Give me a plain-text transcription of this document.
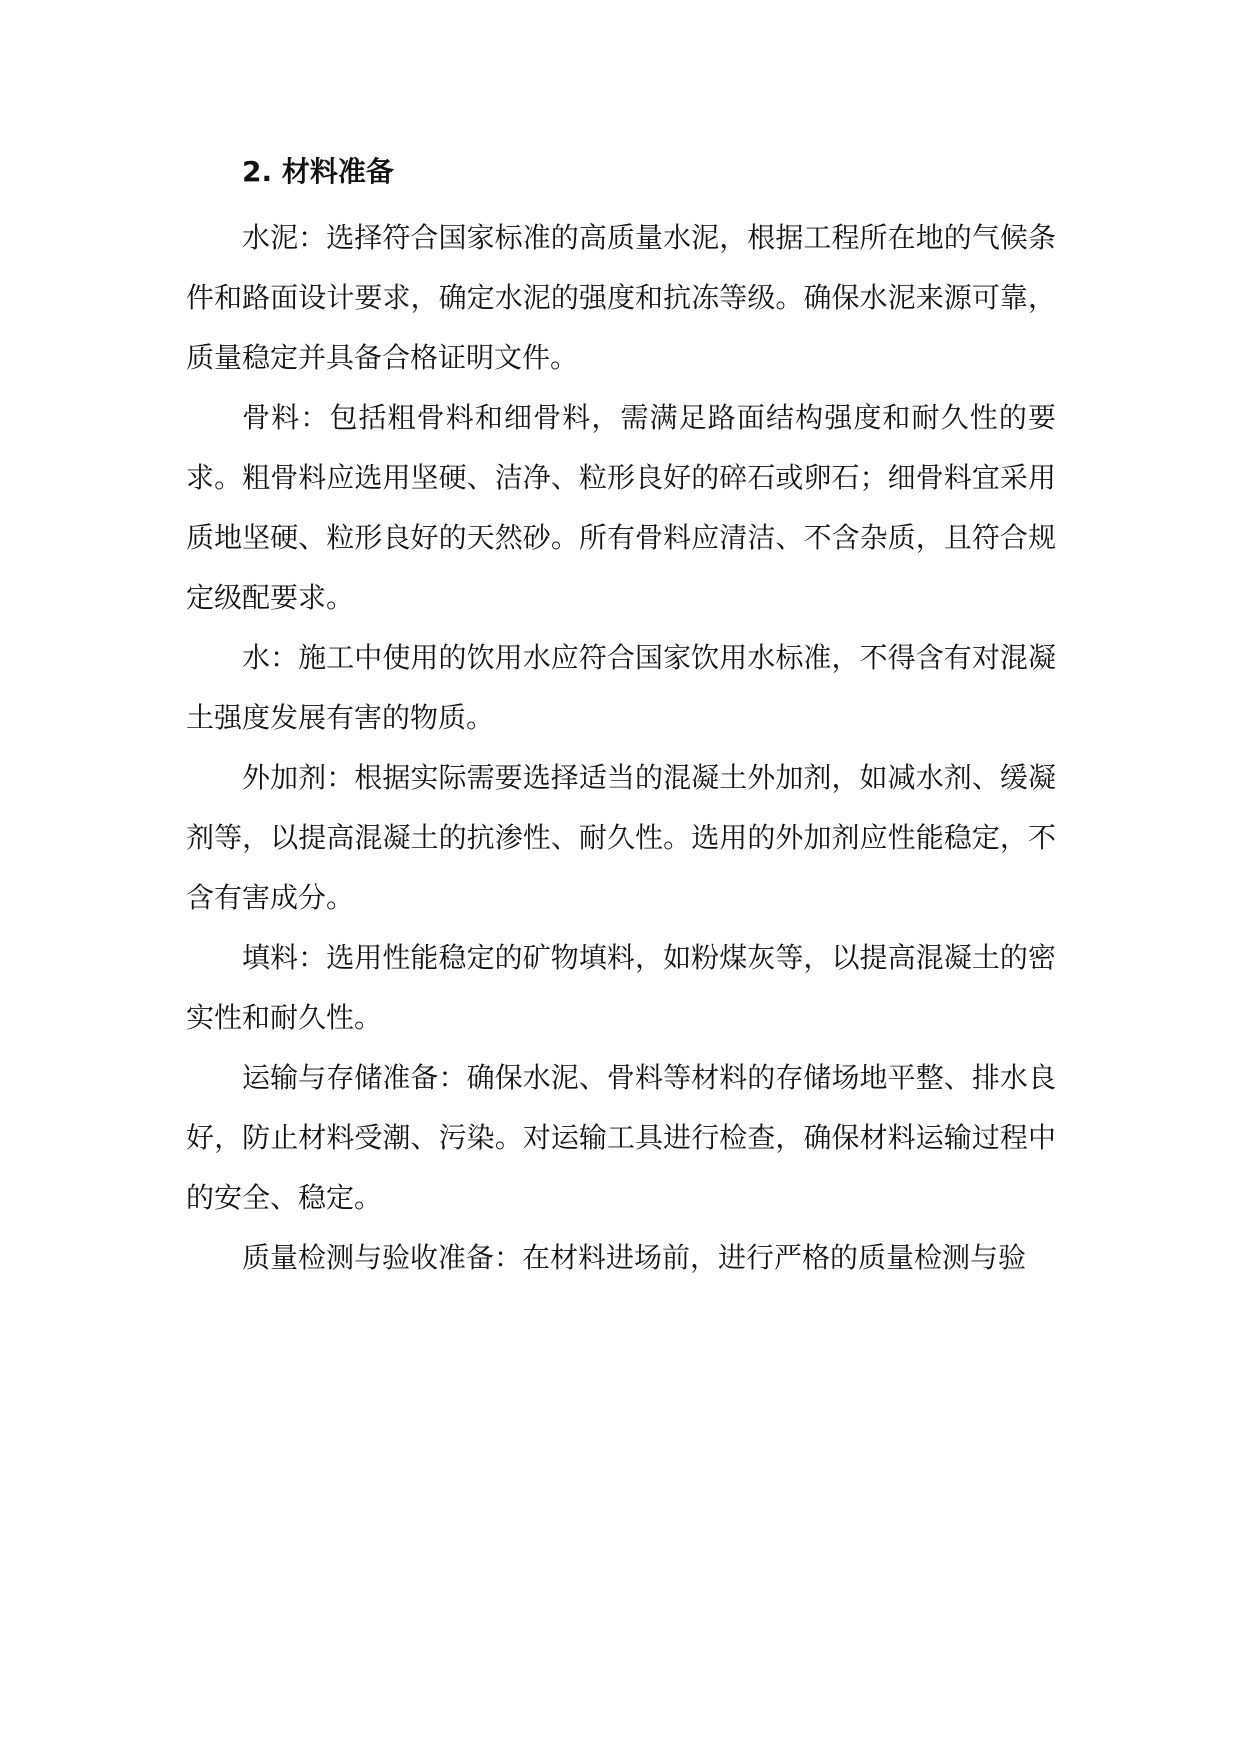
2. 材料准备

水泥：选择符合国家标准的高质量水泥，根据工程所在地的气候条件和路面设计要求，确定水泥的强度和抗冻等级。确保水泥来源可靠，质量稳定并具备合格证明文件。

骨料：包括粗骨料和细骨料，需满足路面结构强度和耐久性的要求。粗骨料应选用坚硬、洁净、粒形良好的碎石或卵石；细骨料宜采用质地坚硬、粒形良好的天然砂。所有骨料应清洁、不含杂质，且符合规定级配要求。

水：施工中使用的饮用水应符合国家饮用水标准，不得含有对混凝土强度发展有害的物质。

外加剂：根据实际需要选择适当的混凝土外加剂，如减水剂、缓凝剂等，以提高混凝土的抗渗性、耐久性。选用的外加剂应性能稳定，不含有害成分。

填料：选用性能稳定的矿物填料，如粉煤灰等，以提高混凝土的密实性和耐久性。

运输与存储准备：确保水泥、骨料等材料的存储场地平整、排水良好，防止材料受潮、污染。对运输工具进行检查，确保材料运输过程中的安全、稳定。

质量检测与验收准备：在材料进场前，进行严格的质量检测与验
